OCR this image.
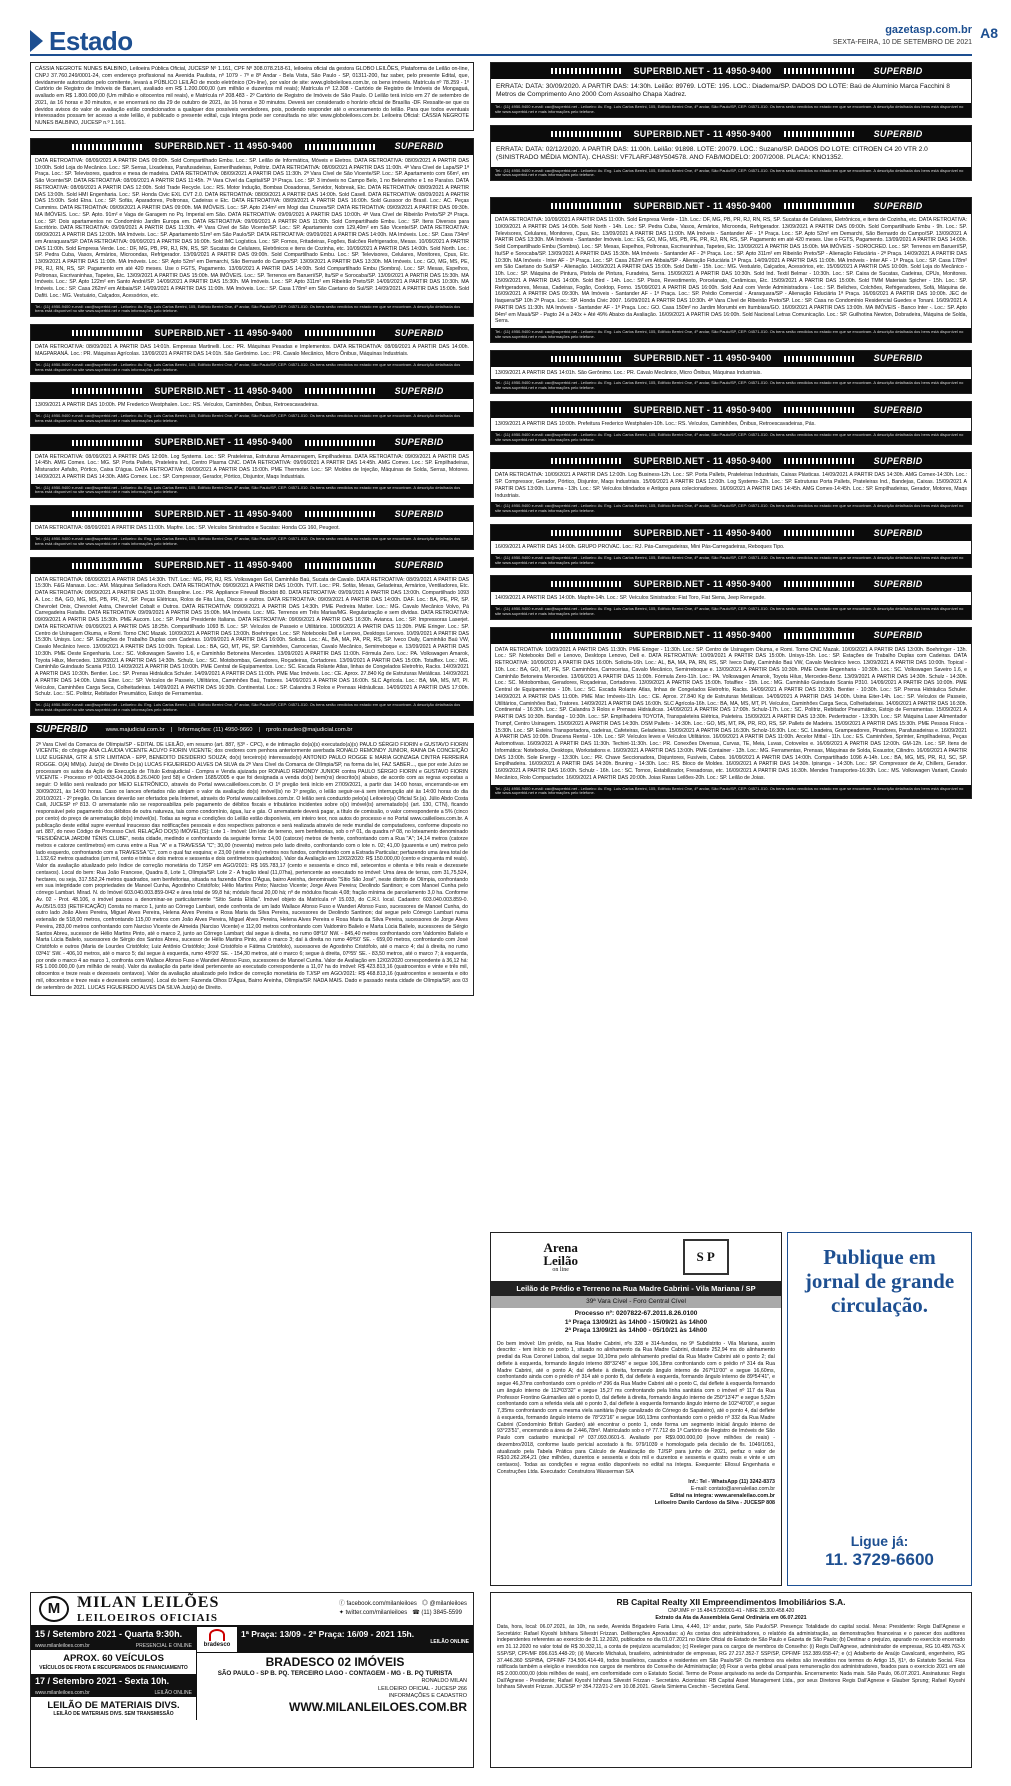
Estado	gazetasp.com.br
SEXTA-FEIRA, 10 DE SETEMBRO DE 2021
A8
CÁSSIA NEGROTE NUNES BALBINO, Leiloeira Pública Oficial, JUCESP Nº 1.161, CPF Nº 308.078.218-61, leiloeira oficial da gestora GLOBO LEILÕES, Plataforma de Leilão on-line, CNPJ 37.760.249/0001-24, com endereço profissional na Avenida Paulista, nº 1079 - 7º e 8º Andar - Bela Vista, São Paulo - SP, 01311-200, faz saber, pelo presente Edital, que, devidamente autorizados pelo comitente, levará a PÚBLICO LEILÃO de modo eletrônico (On-line), por valor de site: www.globoleiloes.com.br, os bens imóveis. Matrícula nº 78.259 - 1º Cartório de Registro de Imóveis de Barueri, avaliado em R$ 1.200.000,00 (um milhão e duzentos mil reais); Matrícula nº 12.308 - Cartório de Registro de Imóveis de Mongaguá, avaliado em R$ 1.800.000,00 (Um milhão e oitocentos mil reais), e Matrícula nº 208.483 - 2º Cartório de Registro de Imóveis de São Paulo. O Leilão terá início em 27 de setembro de 2021, às 16 horas e 30 minutos, e se encerrará no dia 29 de outubro de 2021, às 16 horas e 30 minutos. Deverá ser considerado o horário oficial de Brasília -DF. Ressalte-se que os devidos avisos do valor de avaliação estão condicionados a qualquer dos possíveis vendedores, pois, podendo responder até o encerramento do leilão. Para que todos eventuais interessados possam ter acesso a este leilão, é publicado o presente edital, cuja íntegra pode ser consultada no site: www.globoleiloes.com.br. Leiloeira Oficial: CÁSSIA NEGROTE NUNES BALBINO, JUCESP n.º 1.161.
SUPERBID.NET - 11 4950-9400	SUPERBID
DATA RETROATIVA: 08/09/2021 A PARTIR DAS 09:00h. Sold Compartilhado Embu. Loc.: SP. Leilão de Informática, Móveis e Eletros. DATA RETROATIVA: 08/09/2021 A PARTIR DAS 10:00h. Sold Loja do Mecânico. Loc.: SP. Serras, Lixadeiras, Parafusadeiras, Esmerilhadeiras, Politriz. DATA RETROATIVA: 08/09/2021 A PARTIR DAS 11:00h. 4ª Vara Cível de Lapa/SP 1ª Praça. Loc.: SP. Televisores, quadros e mesa de madeira. DATA RETROATIVA: 08/09/2021 A PARTIR DAS 11:30h. 2ª Vara Cível de São Vicente/SP. Loc.: SP. Apartamento com 66m², em São Vicente/SP. DATA RETROATIVA: 08/09/2021 A PARTIR DAS 11:45h. 7ª Vara Cível da Capital/SP 1ª Praça. Loc.: SP. 3 imóveis no Campo Belo, 1 no Belenzinho e 1 no Paraíso. DATA RETROATIVA: 08/09/2021 A PARTIR DAS 12:00h. Sold Trade Recycle. Loc.: RS. Motor Indução, Bombas Dosadoras, Servidor, Nobreak, Etc. DATA RETROATIVA: 08/09/2021 A PARTIR DAS 13:00h. Sold HMI Engenharia. Loc.: SP. Honda Civic EXL CVT 2.0. DATA RETROATIVA: 08/09/2021 A PARTIR DAS 14:00h. Sold Casell. DATA RETROATIVA: 08/09/2021 A PARTIR DAS 15:00h. Sold Etna. Loc.: SP. Sofás, Aparadores, Poltronas, Cadeiras e Etc. DATA RETROATIVA: 08/09/2021 A PARTIR DAS 16:00h. Sold Gussoor do Brasil. Loc.: AC. Peças Cummins. DATA RETROATIVA: 09/09/2021 A PARTIR DAS 09:00h. MA IMÓVEIS. Loc.: SP. Apto 214m² em Mogi das Cruzes/SP. DATA RETROATIVA: 09/09/2021 A PARTIR DAS 09:30h. MA IMÓVEIS. Loc.: SP. Apto. 91m² e Vaga de Garagem no Pq. Imperial em São. DATA RETROATIVA: 09/09/2021 A PARTIR DAS 10:00h. 4ª Vara Cível de Ribeirão Preto/SP 2ª Praça. Loc.: SP. Dois apartamentos no Condomínio Jardim Europa em. DATA RETROATIVA: 09/09/2021 A PARTIR DAS 11:00h. Sold Compartilhado Embu. Loc.: SP. Itens Diversos para Escritório. DATA RETROATIVA: 09/09/2021 A PARTIR DAS 11:30h. 4ª Vara Cível de São Vicente/SP. Loc.: SP. Apartamento com 129,40m² em São Vicente/SP. DATA RETROATIVA: 09/09/2021 A PARTIR DAS 12:00h. MA Imóveis. Loc.: SP. Apartamento 51m² em São Paulo/SP. DATA RETROATIVA: 09/09/2021 A PARTIR DAS 14:00h. MA Imóveis. Loc.: SP. Casa 734m² em Araraquara/SP. DATA RETROATIVA: 09/09/2021 A PARTIR DAS 16:00h. Sold IMC Logística. Loc.: SP. Fornos, Fritadeiras, Fogões, Balcões Refrigerados, Mesas. 10/09/2021 A PARTIR DAS 11:00h. Sold Empresa Verde. Loc.: DF, MG, PB, PR, RJ, RN, RS, SP. Sucatas de Celulares, Eletrônicos e itens de Cozinha, etc. 10/09/2021 A PARTIR DAS 14:00h. Sold North. Loc.: SP. Pedra Cuba, Vasos, Armários, Microondas, Refrigerador. 13/09/2021 A PARTIR DAS 09:00h. Sold Compartilhado Embu. Loc.: SP. Televisores, Celulares, Monitores, Cpus, Etc. 13/09/2021 A PARTIR DAS 11:00h. MA Imóveis. Loc.: SP. Apto 52m² em Demarchi, São Bernardo do Campo/SP. 13/09/2021 A PARTIR DAS 13:30h. MA Imóveis. Loc.: GO, MG, MS, PE, PR, RJ, RN, RS, SP. Pagamento em até 420 meses. Use o FGTS, Pagamento. 13/09/2021 A PARTIR DAS 14:00h. Sold Compartilhado Embu (Sombra). Loc.: SP. Mesas, Espelhos, Poltronas, Escrivaninhas, Tapetes, Etc. 13/09/2021 A PARTIR DAS 15:00h. MA IMÓVEIS. Loc.: SP. Terrenos em Barueri/SP, Itu/SP e Sorocaba/SP. 13/09/2021 A PARTIR DAS 15:30h. MA Imóveis. Loc.: SP. Apto 122m² em Santo André/SP. 14/09/2021 A PARTIR DAS 15:30h. MA Imóveis. Loc.: SP. Apto 311m² em Ribeirão Preto/SP. 14/09/2021 A PARTIR DAS 10:30h. MA Imóveis. Loc.: SP. Casa 262m² em Atibaia/SP. 14/09/2021 A PARTIR DAS 11:00h. MA Imóveis. Loc.: SP. Casa 178m² em São Caetano do Sul/SP. 14/09/2021 A PARTIR DAS 15:00h. Sold Dafiti. Loc.: MG. Vestuário, Calçados, Acessórios, etc.
Tel.: (11) 4950-9400 e-mail: cac@superbid.net - Leiloeiro: Av. Eng. Luís Carlos Berrini, 105, Edifício Berrini One, 4º andar, São Paulo/SP, CEP: 04571-010. Os bens serão vendidos no estado em que se encontram. A descrição detalhada dos bens está disponível no site www.superbid.net e mais informações pelo telefone.
SUPERBID.NET - 11 4950-9400	SUPERBID
DATA RETROATIVA: 08/09/2021 A PARTIR DAS 14:01h. Empresas Martinelli. Loc.: PR. Máquinas Pesadas e Implementos. DATA RETROATIVA: 08/09/2021 A PARTIR DAS 14:00h. MAGPARANÁ. Loc.: PR. Máquinas Agrícolas. 13/09/2021 A PARTIR DAS 14:01h. São Gerônimo. Loc.: PR. Cavalo Mecânico, Micro Ônibus, Máquinas Industriais.
Tel.: (11) 4950-9400 e-mail: cac@superbid.net - Leiloeiro: Av. Eng. Luís Carlos Berrini, 105, Edifício Berrini One, 4º andar, São Paulo/SP, CEP: 04571-010. Os bens serão vendidos no estado em que se encontram. A descrição detalhada dos bens está disponível no site www.superbid.net e mais informações pelo telefone.
SUPERBID.NET - 11 4950-9400	SUPERBID
13/09/2021 A PARTIR DAS 10:00h. PM Frederico Westphalen. Loc.: RS. Veículos, Caminhões, Ônibus, Retroescavadeiras.
Tel.: (11) 4950-9400 e-mail: cac@superbid.net - Leiloeiro: Av. Eng. Luís Carlos Berrini, 105, Edifício Berrini One, 4º andar, São Paulo/SP, CEP: 04571-010. Os bens serão vendidos no estado em que se encontram. A descrição detalhada dos bens está disponível no site www.superbid.net e mais informações pelo telefone.
SUPERBID.NET - 11 4950-9400	SUPERBID
DATA RETROATIVA: 08/09/2021 A PARTIR DAS 12:00h. Log Systems. Loc.: SP. Prateleiras, Estruturas Armazenagem, Empilhadeiras. DATA RETROATIVA: 09/09/2021 A PARTIR DAS 14:45h. AMG Comex. Loc.: MG. SP. Porta Pallets, Prateleira Ind., Centro Plasma CNC. DATA RETROATIVA: 09/09/2021 A PARTIR DAS 14:45h. AMG Comex. Loc.: SP. Empilhadeiras, Misturador Asfalto, Pórtico, Caixa D'água. DATA RETROATIVA: 09/09/2021 A PARTIR DAS 15:00h. PME Thermoter. Loc.: SP. Moldes de Injeção, Máquinas de Solda, Serras, Motores. 14/09/2021 A PARTIR DAS 14:30h. AMG Comex. Loc.: SP. Compressor, Gerador, Pórtico, Disjuntor, Maqs Industriais.
Tel.: (11) 4950-9400 e-mail: cac@superbid.net - Leiloeiro: Av. Eng. Luís Carlos Berrini, 105, Edifício Berrini One, 4º andar, São Paulo/SP, CEP: 04571-010. Os bens serão vendidos no estado em que se encontram. A descrição detalhada dos bens está disponível no site www.superbid.net e mais informações pelo telefone.
SUPERBID.NET - 11 4950-9400	SUPERBID
DATA RETROATIVA: 08/09/2021 A PARTIR DAS 11:00h. Mapfre. Loc.: SP. Veículos Sinistrados e Sucatas: Honda CG 160, Peugeot.
Tel.: (11) 4950-9400 e-mail: cac@superbid.net - Leiloeiro: Av. Eng. Luís Carlos Berrini, 105, Edifício Berrini One, 4º andar, São Paulo/SP, CEP: 04571-010. Os bens serão vendidos no estado em que se encontram. A descrição detalhada dos bens está disponível no site www.superbid.net e mais informações pelo telefone.
SUPERBID.NET - 11 4950-9400	SUPERBID
DATA RETROATIVA: 08/09/2021 A PARTIR DAS 14:30h. TNT. Loc.: MG, PR, RJ, RS. Volkswagen Gol, Caminhão Baú, Sucata de Cavalo. DATA RETROATIVA: 08/09/2021 A PARTIR DAS 15:30h. F&G Manaus. Loc.: AM. Máquinas Selladora Koch. DATA RETROATIVA: 09/09/2021 A PARTIR DAS 10:00h. TVIT. Loc.: PR. Sofás, Mesas, Geladeiras, Armários, Ventiladores, Etc. DATA RETROATIVA: 09/09/2021 A PARTIR DAS 11:00h. Braspline. Loc.: PR. Appliance Firewall Blockbit 80. DATA RETROATIVA: 09/09/2021 A PARTIR DAS 13:00h. Compartilhado 1093 A. Loc.: BA, GO, MG, MS, PB, PR, RJ, SP. Peças Elétricas, Rolos de Fita Lisa, Discos e outros. DATA RETROATIVA: 09/09/2021 A PARTIR DAS 14:00h. DAF. Loc.: BA, PE, PR, SP. Chevrolet Onix, Chevrolet Astra, Chevrolet Cobalt e Outros. DATA RETROATIVA: 09/09/2021 A PARTIR DAS 14:30h. PME Pedreira Matter. Loc.: MG. Cavalo Mecânico Volvo, Pá Carregadeira Fiatallis. DATA RETROATIVA: 09/09/2021 A PARTIR DAS 15:00h. MA Imóveis. Loc.: MG. Terrenos em Três Marias/MG. Regularização e sem dívidas. DATA RETROATIVA: 09/09/2021 A PARTIR DAS 15:30h. PME Aucom. Loc.: SP. Portal Presidente Italiana. DATA RETROATIVA: 09/09/2021 A PARTIR DAS 16:30h. Avianca. Loc.: SP. Impressoras Laserjet. DATA RETROATIVA: 09/09/2021 A PARTIR DAS 18:25h. Compartilhado 1093 B. Loc.: SP. Veículos de Passeio e Utilitários. 10/09/2021 A PARTIR DAS 11:30h. PME Eringer. Loc.: SP. Centro de Usinagem Okuma, e Romi. Torno CNC Mazak. 10/09/2021 A PARTIR DAS 13:00h. Boehringer. Loc.: SP. Notebooks Dell e Lenovo, Desktops Lenovo. 10/09/2021 A PARTIR DAS 15:30h. Unisys. Loc.: SP. Estações de Trabalho Duplas com Cadeiras. 10/09/2021 A PARTIR DAS 16:00h. Solicita. Loc.: AL, BA, MA, PA, PR, RS, SP. Iveco Daily, Caminhão Baú VW, Cavalo Mecânico Iveco. 13/09/2021 A PARTIR DAS 10:00h. Topical. Loc.: BA, GO, MT, PE, SP. Caminhões, Carrocerias, Cavalo Mecânico, Semirreboque e. 13/09/2021 A PARTIR DAS 10:30h. PME Oeste Engenharia. Loc.: SC. Volkswagen Saveiro 1.6, e Caminhão Betoneira Mercedes. 13/09/2021 A PARTIR DAS 11:00h. Fórmula Zero. Loc.: PA. Volkswagen Amarok, Toyota Hilux, Mercedes. 13/09/2021 A PARTIR DAS 14:30h. Schulz. Loc.: SC. Motobombas, Geradores, Roçadeiras, Cortadores. 13/09/2021 A PARTIR DAS 15:00h. Totalflex. Loc.: MG. Caminhão Guindauto Scania P310. 14/09/2021 A PARTIR DAS 10:00h. PME Central de Equipamentos. Loc.: SC. Escada Rolante Atlas, linhas de Congelados Eletrofrio, Racks. 14/09/2021 A PARTIR DAS 10:30h. Bentier. Loc.: SP. Prensa Hidráulica Schuler. 14/09/2021 A PARTIR DAS 11:00h. PME Mac Imóveis. Loc.: CE. Aprox. 27.840 Kg de Estruturas Metálicas. 14/09/2021 A PARTIR DAS 14:00h. Usina Eiter. Loc.: SP. Veículos de Passeio, Utilitários, Caminhões Baú, Tratores. 14/09/2021 A PARTIR DAS 16:00h. SLC Agrícola. Loc.: BA, MA, MS, MT, PI. Veículos, Caminhões Carga Seca, Colheitadeiras. 14/09/2021 A PARTIR DAS 16:30h. Continental. Loc.: SP. Calandra 3 Rolos e Prensas Hidráulicas. 14/09/2021 A PARTIR DAS 17:00h. Schulz. Loc.: SC. Politriz, Rebitador Pneumático, Estojo de Ferramentas.
Tel.: (11) 4950-9400 e-mail: cac@superbid.net - Leiloeiro: Av. Eng. Luís Carlos Berrini, 105, Edifício Berrini One, 4º andar, São Paulo/SP, CEP: 04571-010. Os bens serão vendidos no estado em que se encontram. A descrição detalhada dos bens está disponível no site www.superbid.net e mais informações pelo telefone.
SUPERBID	www.majudicial.com.br | Informações: (11) 4950-9660 | rproto.macleo@majudicial.com.br
2ª Vara Cível da Comarca de Olímpia/SP - EDITAL DE LEILÃO, em resumo (art. 887, §3º - CPC), e de intimação do(a)(s) executado(a)(s) PAULO SÉRGIO FIORIN e GUSTAVO FIORIN VICENTE; do cônjuge ANA CLÁUDIA VICENTE ACUYO FIORIN VICENTE; dos credores com penhora anteriormente averbada RONALD REMONDY JUNIOR, RAINA DA CONCEIÇÃO LUIZ EUGENIA, GTR & STR LIMITADA - EPP, BENEDITO DESIDERIO SOUZA; do(s) terceiro(s) interessado(s) ANTONIO PAULO ROGGE E MARIA GONZAGA CINTRA FERREIRA ROGGE. O(A) MM(a). Juiz(a) de Direito Dr.(a) LUCAS FIGUEIREDO ALVES DA SILVA da 2ª Vara Cível da Comarca de Olímpia/SP, na forma da lei, FAZ SABER..., que por este Juízo se processam os autos da Ação de Execução de Título Extrajudicial - Compra e Venda ajuizada por RONALD REMONDY JUNIOR contra PAULO SÉRGIO FIORIN e GUSTAVO FIORIN VICENTE - Processo nº 0014333-04.2006.8.26.0400 (ord 58) e Ordem 1685/2005 e que foi designada a venda do(s) bem(ns) descrito(s) abaixo, de acordo com as regras expostas a seguir: O leilão será realizado por MEIO ELETRÔNICO, através do Portal www.caiileiloes.com.br. O 1º pregão terá início em 27/09/2021, a partir das 14:00 horas, encerrando-se em 30/09/2021, às 14:00 horas. Caso os lances ofertados não atinjam o valor da avaliação do(s) imóvel(is) no 1º pregão, o leilão seguir-se-á sem interrupção até às 14:00 horas do dia 20/10/2021 - 2º pregão. Os lances deverão ser ofertados pela Internet, através do Portal www.caiileiloes.com.br. O leilão será conduzido pelo(a) Leiloeiro(a) Oficial Sr.(a). Júlio Abdo Costa Caili, JUCESP nº 813. O arrematante não se responsabiliza pelo pagamento de débitos fiscais e tributários incidentes sobre o(s) imóvel(is) arrematado(s) (art. 130, CTN), ficando responsável pelo pagamento dos débitos de outra natureza, tais como condomínio, água, luz e gás. O arrematante deverá pagar, a título de comissão, o valor correspondente a 5% (cinco por cento) do preço de arrematação do(s) imóvel(is). Todas as regras e condições do Leilão estão disponíveis, em inteiro teor, nos autos do processo e no Portal www.caiileiloes.com.br. A publicação deste edital supre eventual insucesso das notificações pessoais e dos respectivos patronos e será realizada através de rede mundial de computadores, conforme disposto no art. 887, do novo Código de Processo Civil. RELAÇÃO DO(S) IMÓVEL(IS): Lote 1 - Imóvel: Um lote de terreno, sem benfeitorias, sob o nº 01, da quadra nº 08, no loteamento denominado "RESIDÊNCIA JARDIM TÊNIS CLUBE", nesta cidade, medindo e confrontando da seguinte forma: 14,00 (catorze) metros de frente, confrontando com a Rua "A"; 14,14 metros (catorze metros e catorze centímetros) em curva entre a Rua "A" e a TRAVESSA "C"; 30,00 (noventa) metros pelo lado direito, confrontando com o lote n. 02; 41,00 (quarenta e um) metros pelo lado esquerdo, confrontando com a TRAVESSA "C", com o qual faz esquina; e 23,00 (vinte e três) metros nos fundos, confrontando com a Estrada Particular; perfazendo uma área total de 1.132,62 metros quadrados (um mil, cento e trinta e dois metros e sessenta e dois centímetros quadrados). Valor da Avaliação em 12/02/2020: R$ 150.000,00 (cento e cinquenta mil reais). Valor da avaliação atualizado pelo índice de correção monetária do TJ/SP em AGO/2021: R$ 165.783,17 (cento e sessenta e cinco mil, setecentos e oitenta e três reais e dezessete centavos). Local do bem: Rua João Francese, Quadra 8, Lote 1, Olímpia/SP. Lote 2 - A fração ideal (11,07ha), pertencente ao executado no imóvel: Uma área de terras, com 31,75,524, hectares, ou seja, 317.552,24 metros quadrados, sem benfeitorias, situada na fazenda Olhos D'Água, bairro Areinha, denominado "Sítio São José", neste distrito de Olímpia, confrontando em sua integridade com propriedades de Manoel Cunha, Agostinho Cristófolo; Hélio Martins Pinto; Narciso Vicente; Jorge Alves Pereira; Deolindo Santinon; e com Manoel Cunha pelo córrego Lambari. Mirad. N. do Imóvel 603.040.003.859-0/42 e área total de 99,8 há; módulo fiscal 20,00 há; nº de módulos fiscais 4,08; fração mínima de parcelamento 3,0 ha. Conforme Av. 02 - Prot. 48.106, o imóvel passou a denominar-se particularmente "Sítio Santa Elídia". Imóvel objeto da Matrícula nº 15.033, do C.R.I. local. Cadastro: 603.040.003.859-0. Av.05/15.033 (RETIFICAÇÃO) Consta no marco 1, junto ao Córrego Lambari, onde confronta de um lado Wallace Afonso Fuso e Wanderi Afonso Fuso, sucessores de Manoel Cunha, do outro lado João Alves Pereira, Miguel Alves Pereira, Helena Alves Pereira e Rosa Maria da Silva Pereira, sucessores de Deolindo Santinon; daí segue pelo Córrego Lambari numa extensão de 518,00 metros, confrontando 115,00 metros com João Alves Pereira, Miguel Alves Pereira, Helena Alves Pereira e Rosa Maria da Silva Pereira, sucessores de Jorge Alves Pereira, 283,00 metros confrontando com Narciso Vicente de Almeida (Narciso Vicente) e 112,00 metros confrontando com Valdomiro Balielo e Marta Lúcia Balielo, sucessores de Sérgio Santos Abreu, sucessor de Hélio Martins Pinto, até o marco 2, junto ao Córrego Lambari; daí segue à direita, no rumo 08º10' NW. - 845,40 metros confrontando com Valdomiro Balielo e Marta Lúcia Balielo, sucessores de Sérgio dos Santos Abreu, sucessor de Hélio Martins Pinto, até o marco 3; daí à direita no rumo 46º50' SE. - 659,00 metros, confrontando com José Cristófolo e outros (Maria de Lourdes Cristófolo; Luiz Antônio Cristófolo; José Cristófolo e Fátima Cristófolo), sucessores de Agostinho Cristófolo, até o marco 4; daí à direita, no rumo 03º41' SW. - 406,10 metros, até o marco 5; daí segue à esquerda, rumo 45º20' SE. - 154,30 metros, até o marco 6; segue à direita, 07º55' SE. - 83,50 metros, até o marco 7; à esquerda, por onde o marco 4 ao marco 1, confronta com Wallace Afonso Fuso e Wanderi Afonso Fuso, sucessores de Manoel Cunha. Valor de Avaliação em 12/02/2020 correspondente à 36,12 há: R$ 1.000.000,00 (um milhão de reais). Valor da avaliação da parte ideal pertencente ao executado correspondente a 11,07 ha do imóvel: R$ 423.813,16 (quatrocentos e vinte e três mil, oitocentos e treze reais e dezesseis centavos). Valor da avaliação atualizado pelo índice de correção monetária do TJ/SP em AGO/2021: R$ 468.813,16 (quatrocentos e sessenta e oito mil, oitocentos e treze reais e dezesseis centavos). Local do bem: Fazenda Olhos D'Água, Bairro Areinha, Olímpia/SP. NADA MAIS. Dado e passado nesta cidade de Olímpia/SP, aos 03 de setembro de 2021. LUCAS FIGUEIREDO ALVES DA SILVA Juiz(a) de Direito.
SUPERBID.NET - 11 4950-9400	SUPERBID
ERRATA: DATA: 30/09/2020. A PARTIR DAS: 14:30h. Leilão: 89769. LOTE: 195. LOC.: Diadema/SP. DADOS DO LOTE: Baú de Alumínio Marca Facchini 8 Metros de Comprimento Ano 2000 Com Assoalho Chapa Xadrez.
Tel.: (11) 4950-9400 e-mail: cac@superbid.net - Leiloeiro: Av. Eng. Luís Carlos Berrini, 105, Edifício Berrini One, 4º andar, São Paulo/SP, CEP: 04571-010. Os bens serão vendidos no estado em que se encontram. A descrição detalhada dos bens está disponível no site www.superbid.net e mais informações pelo telefone.
SUPERBID.NET - 11 4950-9400	SUPERBID
ERRATA: DATA: 02/12/2020. A PARTIR DAS: 11:00h. Leilão: 91898. LOTE: 20079. LOC.: Suzano/SP. DADOS DO LOTE: CITROEN C4 20 VTR 2.0 (SINISTRADO MÉDIA MONTA). CHASSI: VF7LARFJ48Y504578. ANO FAB/MODELO: 2007/2008. PLACA: KNO1352.
Tel.: (11) 4950-9400 e-mail: cac@superbid.net - Leiloeiro: Av. Eng. Luís Carlos Berrini, 105, Edifício Berrini One, 4º andar, São Paulo/SP, CEP: 04571-010. Os bens serão vendidos no estado em que se encontram. A descrição detalhada dos bens está disponível no site www.superbid.net e mais informações pelo telefone.
SUPERBID.NET - 11 4950-9400	SUPERBID
DATA RETROATIVA: 10/09/2021 A PARTIR DAS 11:00h. Sold Empresa Verde - 11h. Loc.: DF, MG, PB, PR, RJ, RN, RS, SP. Sucatas de Celulares, Eletrônicos, e itens de Cozinha, etc. DATA RETROATIVA: 10/09/2021 A PARTIR DAS 14:00h. Sold North - 14h. Loc.: SP. Pedra Cuba, Vasos, Armários, Microonda, Refrigerador. 13/09/2021 A PARTIR DAS 09:00h. Sold Compartilhado Embu - 9h. Loc.: SP. Televisores, Celulares, Monitores, Cpus, Etc. 13/09/2021 A PARTIR DAS 11:00h. MA Imóveis - Santander AF - 1ª Praça. Loc.: SP. Apto 52m² em Demarchi, São Bernardo do Campo/SP. 13/09/2021 A PARTIR DAS 13:30h. MA Imóveis - Santander Imóveis. Loc.: ES, GO, MG, MS, PB, PE, PR, RJ, RN, RS, SP. Pagamento em até 420 meses. Use o FGTS, Pagamento. 13/09/2021 A PARTIR DAS 14:00h. Sold Compartilhado Embu (Sombra). Loc.: SP. Mesas, Espelhos, Poltronas, Escrivaninhas, Tapetes, Etc. 13/09/2021 A PARTIR DAS 15:00h. MA IMÓVEIS - SOROCRED. Loc.: SP. Terrenos em Barueri/SP, Itu/SP e Sorocaba/SP. 13/09/2021 A PARTIR DAS 15:30h. MA Imóveis - Santander AF - 2ª Praça. Loc.: SP. Apto 311m² em Ribeirão Preto/SP - Alienação Fiduciária - 2ª Praça. 14/09/2021 A PARTIR DAS 10:30h. MA Imóveis - Inter AF - 1ª Praça. Loc.: SP. Casa 262m² em Atibaia/SP - Alienação Fiduciária 1ª Praça. 14/09/2021 A PARTIR DAS 11:00h. MA Imóveis - Inter AF - 1ª Praça. Loc.: SP. Casa 178m² em São Caetano do Sul/SP - Alienação. 14/09/2021 A PARTIR DAS 15:00h. Sold Dafiti - 15h. Loc.: MG. Vestuário, Calçados, Acessórios, etc. 15/09/2021 A PARTIR DAS 10:00h. Sold Loja do Mecânico - 10h. Loc.: SP. Máquina de Pintura, Pistola de Pintura, Furadeira, Serra. 15/09/2021 A PARTIR DAS 10:30h. Sold Ind. Textil Belmar - 10:30h. Loc.: SP. Caixa de Sucatas, Cadeiras, CPUs, Monitores. 15/09/2021 A PARTIR DAS 14:00h. Sold Bird - 14h. Loc.: SP. Pisos, Revestimento, Porcelanato, Cerâmicas, Etc. 15/09/2021 A PARTIR DAS 15:00h. Sold TMM Materiais Spicher - 15h. Loc.: SP. Refrigeradores, Mesas, Cadeiras, Fogão, Cooktop, Forno. 15/09/2021 A PARTIR DAS 16:00h. Sold Azul com Verde Administradora - Loc.: SP. Beliches, Colchões, Refrigeradores, Sofá, Máquina de. 16/09/2021 A PARTIR DAS 09:30h. MA Imóveis - Santander AF - 1ª Praça. Loc.: SP. Prédio Comercial - Araraquara/SP - Alienação Fiduciária 1ª Praça. 16/09/2021 A PARTIR DAS 10:00h. JEC de Itaquera/SP 10h 2ª Praça. Loc.: SP. Honda Civic 2007. 16/09/2021 A PARTIR DAS 10:30h. 4ª Vara Cível de Ribeirão Preto/SP. Loc.: SP. Casa no Condomínio Residencial Guedes e Tonani. 16/09/2021 A PARTIR DAS 11:30h. MA Imóveis - Santander AF - 1ª Praça. Loc.: GO. Casa 150m² no Jardim Morumbi em Itumbiara/GO. 16/09/2021 A PARTIR DAS 13:00h. MA IMÓVEIS - Banco Inter -. Loc.: SP. Apto 84m² em Mauá/SP - Pagto 24 a 240x + Até 49% Abaixo da Avaliação. 16/09/2021 A PARTIR DAS 16:00h. Sold Nacional Letras Comunicação. Loc.: SP. Guilhotina Newton, Dobradeira, Máquina de Solda, Serra.
Tel.: (11) 4950-9400 e-mail: cac@superbid.net - Leiloeiro: Av. Eng. Luís Carlos Berrini, 105, Edifício Berrini One, 4º andar, São Paulo/SP, CEP: 04571-010. Os bens serão vendidos no estado em que se encontram. A descrição detalhada dos bens está disponível no site www.superbid.net e mais informações pelo telefone.
SUPERBID.NET - 11 4950-9400	SUPERBID
13/09/2021 A PARTIR DAS 14:01h. São Gerônimo. Loc.: PR. Cavalo Mecânico, Micro Ônibus, Máquinas Industriais.
Tel.: (11) 4950-9400 e-mail: cac@superbid.net - Leiloeiro: Av. Eng. Luís Carlos Berrini, 105, Edifício Berrini One, 4º andar, São Paulo/SP, CEP: 04571-010. Os bens serão vendidos no estado em que se encontram. A descrição detalhada dos bens está disponível no site www.superbid.net e mais informações pelo telefone.
SUPERBID.NET - 11 4950-9400	SUPERBID
13/09/2021 A PARTIR DAS 10:00h. Prefeitura Frederico Westphalen-10h. Loc.: RS. Veículos, Caminhões, Ônibus, Retroescavadeiras, Pás.
Tel.: (11) 4950-9400 e-mail: cac@superbid.net - Leiloeiro: Av. Eng. Luís Carlos Berrini, 105, Edifício Berrini One, 4º andar, São Paulo/SP, CEP: 04571-010. Os bens serão vendidos no estado em que se encontram. A descrição detalhada dos bens está disponível no site www.superbid.net e mais informações pelo telefone.
SUPERBID.NET - 11 4950-9400	SUPERBID
DATA RETROATIVA: 10/09/2021 A PARTIR DAS 12:00h. Log Business-12h. Loc.: SP. Porta Pallets, Prateleiras Industriais, Caixas Plásticas. 14/09/2021 A PARTIR DAS 14:30h. AMG Comex-14:30h. Loc.: SP. Compressor, Gerador, Pórtico, Disjuntor, Maqs Industriais. 15/09/2021 A PARTIR DAS 12:00h. Log Systems-12h. Loc.: SP. Estruturas Porta Pallets, Prateleiras Ind., Bandejas, Caixas. 15/09/2021 A PARTIR DAS 13:00h. Lumma - 13h. Loc.: SP. Veículos blindados e Antigos para colecionadores. 16/09/2021 A PARTIR DAS 14:45h. AMG Comex-14:45h. Loc.: SP. Empilhadeiras, Gerador, Motores, Maqs Industriais.
Tel.: (11) 4950-9400 e-mail: cac@superbid.net - Leiloeiro: Av. Eng. Luís Carlos Berrini, 105, Edifício Berrini One, 4º andar, São Paulo/SP, CEP: 04571-010. Os bens serão vendidos no estado em que se encontram. A descrição detalhada dos bens está disponível no site www.superbid.net e mais informações pelo telefone.
SUPERBID.NET - 11 4950-9400	SUPERBID
16/09/2021 A PARTIR DAS 14:00h. GRUPO PROVAC. Loc.: RJ. Pás-Carregadeiras, Mini Pás-Carregadeiras, Reboques Tipo.
Tel.: (11) 4950-9400 e-mail: cac@superbid.net - Leiloeiro: Av. Eng. Luís Carlos Berrini, 105, Edifício Berrini One, 4º andar, São Paulo/SP, CEP: 04571-010. Os bens serão vendidos no estado em que se encontram. A descrição detalhada dos bens está disponível no site www.superbid.net e mais informações pelo telefone.
SUPERBID.NET - 11 4950-9400	SUPERBID
14/09/2021 A PARTIR DAS 14:00h. Mapfre-14h. Loc.: SP. Veículos Sinistrados: Fiat Toro, Fiat Siena, Jeep Renegade.
Tel.: (11) 4950-9400 e-mail: cac@superbid.net - Leiloeiro: Av. Eng. Luís Carlos Berrini, 105, Edifício Berrini One, 4º andar, São Paulo/SP, CEP: 04571-010. Os bens serão vendidos no estado em que se encontram. A descrição detalhada dos bens está disponível no site www.superbid.net e mais informações pelo telefone.
SUPERBID.NET - 11 4950-9400	SUPERBID
DATA RETROATIVA: 10/09/2021 A PARTIR DAS 11:30h. PME Eringer - 11:30h. Loc.: SP. Centro de Usinagem Okuma, e Romi. Torno CNC Mazak. 10/09/2021 A PARTIR DAS 13:00h. Boehringer - 13h. Loc.: SP. Notebooks Dell e Lenovo, Desktops Lenovo, Dell e. DATA RETROATIVA: 10/09/2021 A PARTIR DAS 15:00h. Unisys-15h. Loc.: SP. Estações de Trabalho Duplas com Cadeiras. DATA RETROATIVA: 10/09/2021 A PARTIR DAS 16:00h. Solicita-16h. Loc.: AL, BA, MA, PA, RN, RS, SP. Iveco Daily, Caminhão Baú VW, Cavalo Mecânico Iveco. 13/09/2021 A PARTIR DAS 10:00h. Topical - 10h. Loc.: BA, GO, MT, PE, SP. Caminhões, Carrocerias, Cavalo Mecânico, Semirreboque e. 13/09/2021 A PARTIR DAS 10:30h. PME Oeste Engenharia - 10:30h. Loc.: SC. Volkswagen Saveiro 1.6, e Caminhão Betoneira Mercedes. 13/09/2021 A PARTIR DAS 11:00h. Fórmula Zero-11h. Loc.: PA. Volkswagen Amarok, Toyota Hilux, Mercedes-Benz. 13/09/2021 A PARTIR DAS 14:30h. Schulz - 14:30h. Loc.: SC. Motobombas, Geradores, Roçadeiras, Cortadores. 13/09/2021 A PARTIR DAS 15:00h. Totalflex - 15h. Loc.: MG. Caminhão Guindauto Scania P310. 14/09/2021 A PARTIR DAS 10:00h. PME Central de Equipamentos - 10h. Loc.: SC. Escada Rolante Atlas, linhas de Congelados Eletrofrio, Racks. 14/09/2021 A PARTIR DAS 10:30h. Bentier - 10:30h. Loc.: SP. Prensa Hidráulica Schuler. 14/09/2021 A PARTIR DAS 11:00h. PME Mac Imóveis-11h. Loc.: CE. Aprox. 27.840 Kg de Estruturas Metálicas. 14/09/2021 A PARTIR DAS 14:00h. Usina Eiter-14h. Loc.: SP. Veículos de Passeio, Utilitários, Caminhões Baú, Tratores. 14/09/2021 A PARTIR DAS 16:00h. SLC Agrícola-16h. Loc.: BA, MA, MS, MT, PI. Veículos, Caminhões Carga Seca, Colheitadeiras. 14/09/2021 A PARTIR DAS 16:30h. Continental - 16:30h. Loc.: SP. Calandra 3 Rolos e Prensas Hidráulicas. 14/09/2021 A PARTIR DAS 17:00h. Schulz-17h. Loc.: SC. Politriz, Rebitador Pneumático, Estojo de Ferramentas. 15/09/2021 A PARTIR DAS 10:30h. Bandag - 10:30h. Loc.: SP. Empilhadeira TOYOTA, Transpaleteira Elétrica, Paleteira. 15/09/2021 A PARTIR DAS 13:30h. Pedertractor - 13:30h. Loc.: SP. Máquina Laser Alimentador Trumpf, Centro Usinagem. 15/09/2021 A PARTIR DAS 14:30h. DSM Pallets - 14:30h. Loc.: GO, MS, MT, PA, PR, RO, RS, SP. Pallets de Madeira. 15/09/2021 A PARTIR DAS 15:30h. PME Pessoa Física - 15:30h. Loc.: SP. Esteira Transportadora, cadeiras, Cafeteiras, Geladeiras. 15/09/2021 A PARTIR DAS 16:30h. Scholz-16:30h. Loc.: SC. Lixadeira, Grampeadores, Pinadores, Parafusadeiras e. 16/09/2021 A PARTIR DAS 10:00h. Dracena Rental - 10h. Loc.: SP. Veículos leves e Veículos Utilitários. 16/09/2021 A PARTIR DAS 11:00h. Arcelor Mittal - 11h. Loc.: ES. Caminhões, Sprinter, Empilhadeiras, Peças Automotivas. 16/09/2021 A PARTIR DAS 11:30h. Techint-11:30h. Loc.: PR. Conexões Diversas, Curvas, TE, Meia, Luvas, Cotovelos e. 16/09/2021 A PARTIR DAS 12:00h. GM-12h. Loc.: SP. Itens de Informática: Notebooks, Desktops, Workstations e. 16/09/2021 A PARTIR DAS 13:00h. PME Container - 13h. Loc.: MG. Ferramentas, Prensas, Máquinas de Solda, Exaustor, Cilindro. 16/09/2021 A PARTIR DAS 13:00h. Sole Energy - 13:30h. Loc.: PR. Chave Seccionadora, Disjuntores, Fusíveis, Cabos. 16/09/2021 A PARTIR DAS 14:00h. Compartilhado 1096 A-14h. Loc.: BA, MG, MS, PR, RJ, SC, SP. Empilhadeira. 16/09/2021 A PARTIR DAS 14:30h. Bruning - 14:30h. Loc.: RS. Bloco de Moldes. 16/09/2021 A PARTIR DAS 14:30h. Ipiranga - 14:30h. Loc.: SP. Compressor de Ar, Chillers, Gerador. 16/09/2021 A PARTIR DAS 16:00h. Schulz - 16h. Loc.: SC. Tornos, Estabilizador, Fresadoras, etc. 16/09/2021 A PARTIR DAS 16:30h. Mendes Transportes-16:30h. Loc.: MS. Volkswagen Variant, Cavalo Mecânico, Rolo Compactador. 16/09/2021 A PARTIR DAS 20:00h. Joias Raras Leilões-20h. Loc.: SP. Leilão de Joias.
Tel.: (11) 4950-9400 e-mail: cac@superbid.net - Leiloeiro: Av. Eng. Luís Carlos Berrini, 105, Edifício Berrini One, 4º andar, São Paulo/SP, CEP: 04571-010. Os bens serão vendidos no estado em que se encontram. A descrição detalhada dos bens está disponível no site www.superbid.net e mais informações pelo telefone.
Arena
Leilão
on line
S P
Leilão de Prédio e Terreno na Rua Madre Cabrini - Vila Mariana / SP
39ª Vara Cível - Foro Central Cível
Processo nº: 0207822-67.2011.8.26.0100
1ª Praça 13/09/21 às 14h00 - 15/09/21 às 14h00
2ª Praça 13/09/21 às 14h00 - 05/10/21 às 14h00
Do bem imóvel: Um prédio, na Rua Madre Cabrini, nºs 328 e 314-fundos, no 9º Subdistrito - Vila Mariana, assim descrito: - tem início no ponto 1, situado no alinhamento da Rua Madre Cabrini, distante 252,94 ms do alinhamento predial da Rua Coronel Lisboa, daí segue 10,10ms pelo alinhamento predial da Rua Madre Cabrini até o ponto 2; daí deflete à esquerda, formando ângulo interno 88°32'45" e segue 106,18ms confrontando com o prédio nº 314 da Rua Madre Cabrini, até o ponto A; daí deflete à direita, formando ângulo interno de 267º11'00" e segue 16,60ms, confrontando ainda com o prédio nº 314 até o ponto B, daí deflete à esquerda, formando ângulo interno de 89º54'41", e segue 46,37ms confrontando com o prédio nº 296 da Rua Madre Cabrini até o ponto C, daí deflete à esquerda formando um ângulo interno de 112º03'32" e segue 15,27 ms confrontando pela linha sanitária com o imóvel nº 117 da Rua Professor Frontino Guimarães até o ponto D, daí deflete à direita, formando ângulo interno de 250°13'47" e segue 5,52m confrontando com a referida viela até o ponto 3, daí deflete à esquerda formando ângulo interno de 102°40'00", e segue 7,35ms confrontando com a mesma viela sanitária (hoje canalizado do Córrego do Sapateiro), até o ponto 4, daí deflete à esquerda, formando ângulo interno de 78°23'16" e segue 160,13ms confrontando com o prédio nº 332 da Rua Madre Cabrini (Condomínio British Garden) até encontrar o ponto 1, onde forma um segmento inicial ângulo interno de 93°23'51", encerrando a área de 2.446,78m². Matriculado sob o nº 77.712 do 1º Cartório de Registro de Imóveis de São Paulo com cadastro municipal nº 037.093.0601-5. Avaliado por R$9.000.000,00 (nove milhões de reais) - dezembro/2018, conforme laudo pericial acostado à fls. 979/1039 e homologado pela decisão de fls. 1049/1051, atualizado pela Tabela Prática para Cálculo de Atualização do TJ/SP para junho de 2021, perfaz o valor de R$10.262.264,21 (dez milhões, duzentos e sessenta e dois mil e duzentos e sessenta e quatro reais e vinte e um centavos). Todas as condições e regras estão disponíveis no edital na íntegra. Exequente: Ellosul Engenharia e Construções Ltda. Executado: Construtora Wasserman S/A
Inf.: Tel - WhatsApp (11) 3242-8373
E-mail: contato@arenaleilao.com.br
Edital na íntegra: www.arenaleilao.com.br
Leiloeiro Danilo Cardoso da Silva - JUCESP 808
Publique em jornal de grande circulação.
Ligue já:
11. 3729-6600
M	MILAN LEILÕES
LEILOEIROS OFICIAIS
ⓕ facebook.com/milanleiloes ◎ @milanleiloes
✦ twitter.com/milanleiloes ☎ (11) 3845-5599
15 / Setembro 2021 - Quarta 9:30h.
www.milanleiloes.com.br	PRESENCIAL E ONLINE
APROX. 60 VEÍCULOS
VEÍCULOS DE FROTA E RECUPERADOS DE FINANCIAMENTO
17 / Setembro 2021 - Sexta 10h.
www.milanleiloes.com.br	LEILÃO ONLINE
LEILÃO DE MATERIAIS DIVS.
LEILÃO DE MATERIAIS DIVS. SEM TRANSMISSÃO
bradesco
1ª Praça: 13/09 - 2ª Praça: 16/09 - 2021 15h.
LEILÃO ONLINE
BRADESCO 02 IMÓVEIS
SÃO PAULO - SP B. PQ. TERCEIRO LAGO - CONTAGEM - MG - B. PQ TURISTA
RONALDO MILAN
LEILOEIRO OFICIAL - JUCESP 266
INFORMAÇÕES E CADASTRO
WWW.MILANLEILOES.COM.BR
RB Capital Realty XII Empreendimentos Imobiliários S.A.
CNPJ/MF nº 15.484.572/0001-41 - NIRE 35.300.458.420
Extrato da Ata da Assembleia Geral Ordinária em 06.07.2021
Data, hora, local: 06.07.2021, às 10h, na sede, Avenida Brigadeiro Faria Lima, 4.440, 11º andar, parte, São Paulo/SP. Presença: Totalidade do capital social. Mesa: Presidente: Regis Dall'Agnese e Secretário: Rafael Kiyoshi Ishihara Silvestri Frizzan. Deliberações Aprovadas: a) As contas dos administradores, o relatório da administração, as demonstrações financeiras e o parecer dos auditores independentes referentes ao exercício de 31.12.2020, publicados no dia 01.07.2021 no Diário Oficial do Estado de São Paulo e Gazeta de São Paulo; (b) Destinar o prejuízo, apurado no exercício encerrado em 31.12.2020 no valor total de R$ 30.332,11, a conta de prejuízos acumulados; (c) Reeleger para os cargos de membros do Conselho: (i) Regis Dall'Agnese, administrador de empresas, RG 10.489.763-X SSP/SP, CPF/MF 896.615.448-20; (ii) Marcelo Michaluá, brasileiro, administrador de empresas, RG 27.217.352-7 SSP/SP, CPF/MF 152.389.658-47; e (c) Adalberto de Araújo Cavalcanti, engenheiro, RG 37.446.360 SSP/BA, CPF/MF 734.506.414-49, todos brasileiros, casados e residentes em São Paulo/SP. Os membros ora eleitos são investidos nos termos do Artigo 15, §1º, do Estatuto Social. Fica ratificada também a eleição e investidos nos cargos de membros do Conselho de Administração; (d) Fixar a verba global anual para remuneração dos administradores, fixados para o exercício 2021 em até R$ 2.000.000,00 (dois milhões de reais), em conformidade com o Estatuto Social. Termo de Posse arquivado na sede da Companhia. Encerramento: Nada mais. São Paulo, 06.07.2021. Assinaturas: Regis Dall'Agnese - Presidente; Rafael Kiyoshi Ishihara Silvestri Frizzan - Secretário. Acionistas: RB Capital Asset Management Ltda., por seus Diretores Regis Dall'Agnese e Glauber Sprung; Rafael Kiyoshi Ishihara Silvestri Frizzan. JUCESP nº 354.722/21-2 em 10.08.2021. Gisela Simiema Ceschin - Secretária Geral.
